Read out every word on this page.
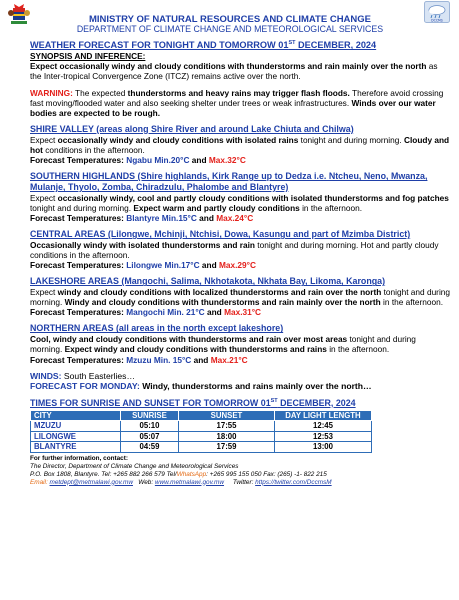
DCCMS
MINISTRY OF NATURAL RESOURCES AND CLIMATE CHANGE
DEPARTMENT OF CLIMATE CHANGE AND METEOROLOGICAL SERVICES
WEATHER FORECAST FOR TONIGHT AND TOMORROW 01ST DECEMBER, 2024

SYNOPSIS AND INFERENCE:

Expect occasionally windy and cloudy conditions with thunderstorms and rain mainly over the north as the Inter-tropical Convergence Zone (ITCZ) remains active over the north.

WARNING: The expected thunderstorms and heavy rains may trigger flash floods. Therefore avoid crossing fast moving/flooded water and also seeking shelter under trees or weak infrastructures. Winds over our water bodies are expected to be rough.

SHIRE VALLEY (areas along Shire River and around Lake Chiuta and Chilwa)

Expect occasionally windy and cloudy conditions with isolated rains tonight and during morning. Cloudy and hot conditions in the afternoon.

Forecast Temperatures: Ngabu Min.20°C and Max.32°C

SOUTHERN HIGHLANDS (Shire highlands, Kirk Range up to Dedza i.e. Ntcheu, Neno, Mwanza, Mulanje, Thyolo, Zomba, Chiradzulu, Phalombe and Blantyre)

Expect occasionally windy, cool and partly cloudy conditions with isolated thunderstorms and fog patches tonight and during morning. Expect warm and partly cloudy conditions in the afternoon.

Forecast Temperatures: Blantyre Min.15°C and Max.24°C

CENTRAL AREAS (Lilongwe, Mchinji, Ntchisi, Dowa, Kasungu and part of Mzimba District)

Occasionally windy with isolated thunderstorms and rain tonight and during morning. Hot and partly cloudy conditions in the afternoon.

Forecast Temperatures: Lilongwe Min.17°C and Max.29°C

LAKESHORE AREAS (Mangochi, Salima, Nkhotakota, Nkhata Bay, Likoma, Karonga)

Expect windy and cloudy conditions with localized thunderstorms and rain over the north tonight and during morning. Windy and cloudy conditions with thunderstorms and rain mainly over the north in the afternoon.

Forecast Temperatures: Mangochi Min. 21°C and Max.31°C

NORTHERN AREAS (all areas in the north except lakeshore)

Cool, windy and cloudy conditions with thunderstorms and rain over most areas tonight and during morning. Expect windy and cloudy conditions with thunderstorms and rains in the afternoon.

Forecast Temperatures: Mzuzu Min. 15°C and Max.21°C

WINDS: South Easterlies…

FORECAST FOR MONDAY: Windy, thunderstorms and rains mainly over the north…

TIMES FOR SUNRISE AND SUNSET FOR TOMORROW 01ST DECEMBER, 2024
CITY	SUNRISE	SUNSET	DAY LIGHT LENGTH
MZUZU	05:10	17:55	12:45
LILONGWE	05:07	18:00	12:53
BLANTYRE	04:59	17:59	13:00

For further information, contact:

The Director, Department of Climate Change and Meteorological Services

P.O. Box 1808, Blantyre. Tel: +265 882 266 579 Tel/WhatsApp: +265 995 155 050 Fax: (265) -1- 822 215

Email: metdept@metmalawi.gov.mw Web: www.metmalawi.gov.mw Twitter: https://twitter.com/DccmsM
